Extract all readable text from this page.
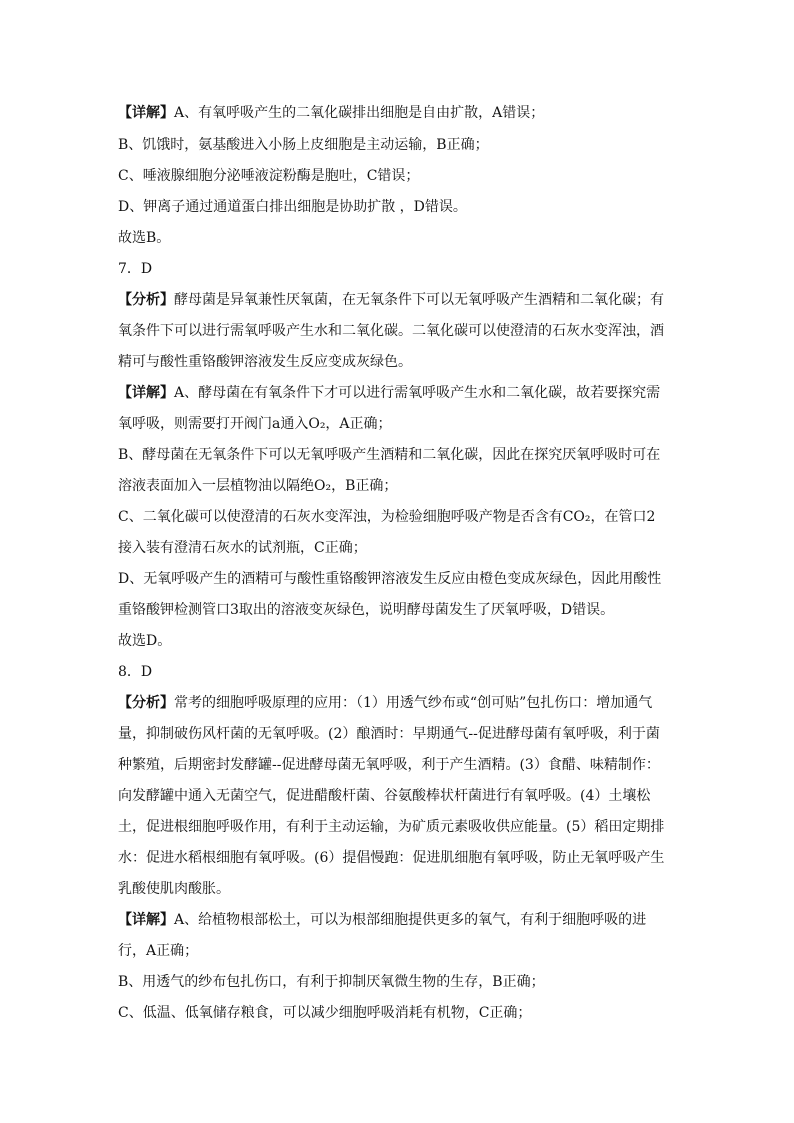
【详解】A、有氧呼吸产生的二氧化碳排出细胞是自由扩散，A错误；
B、饥饿时，氨基酸进入小肠上皮细胞是主动运输，B正确；
C、唾液腺细胞分泌唾液淀粉酶是胞吐，C错误；
D、钾离子通过通道蛋白排出细胞是协助扩散 ，D错误。
故选B。
7．D
【分析】酵母菌是异氧兼性厌氧菌，在无氧条件下可以无氧呼吸产生酒精和二氧化碳；有
氧条件下可以进行需氧呼吸产生水和二氧化碳。二氧化碳可以使澄清的石灰水变浑浊，酒
精可与酸性重铬酸钾溶液发生反应变成灰绿色。
【详解】A、酵母菌在有氧条件下才可以进行需氧呼吸产生水和二氧化碳，故若要探究需
氧呼吸，则需要打开阀门a通入O₂，A正确；
B、酵母菌在无氧条件下可以无氧呼吸产生酒精和二氧化碳，因此在探究厌氧呼吸时可在
溶液表面加入一层植物油以隔绝O₂，B正确；
C、二氧化碳可以使澄清的石灰水变浑浊，为检验细胞呼吸产物是否含有CO₂，在管口2
接入装有澄清石灰水的试剂瓶，C正确；
D、无氧呼吸产生的酒精可与酸性重铬酸钾溶液发生反应由橙色变成灰绿色，因此用酸性
重铬酸钾检测管口3取出的溶液变灰绿色，说明酵母菌发生了厌氧呼吸，D错误。
故选D。
8．D
【分析】常考的细胞呼吸原理的应用：（1）用透气纱布或“创可贴”包扎伤口：增加通气
量，抑制破伤风杆菌的无氧呼吸。(2）酿酒时：早期通气--促进酵母菌有氧呼吸，利于菌
种繁殖，后期密封发酵罐--促进酵母菌无氧呼吸，利于产生酒精。(3）食醋、味精制作：
向发酵罐中通入无菌空气，促进醋酸杆菌、谷氨酸棒状杆菌进行有氧呼吸。(4）土壤松
土，促进根细胞呼吸作用，有利于主动运输，为矿质元素吸收供应能量。(5）稻田定期排
水：促进水稻根细胞有氧呼吸。(6）提倡慢跑：促进肌细胞有氧呼吸，防止无氧呼吸产生
乳酸使肌肉酸胀。
【详解】A、给植物根部松土，可以为根部细胞提供更多的氧气，有利于细胞呼吸的进
行，A正确；
B、用透气的纱布包扎伤口，有利于抑制厌氧微生物的生存，B正确；
C、低温、低氧储存粮食，可以减少细胞呼吸消耗有机物，C正确；
